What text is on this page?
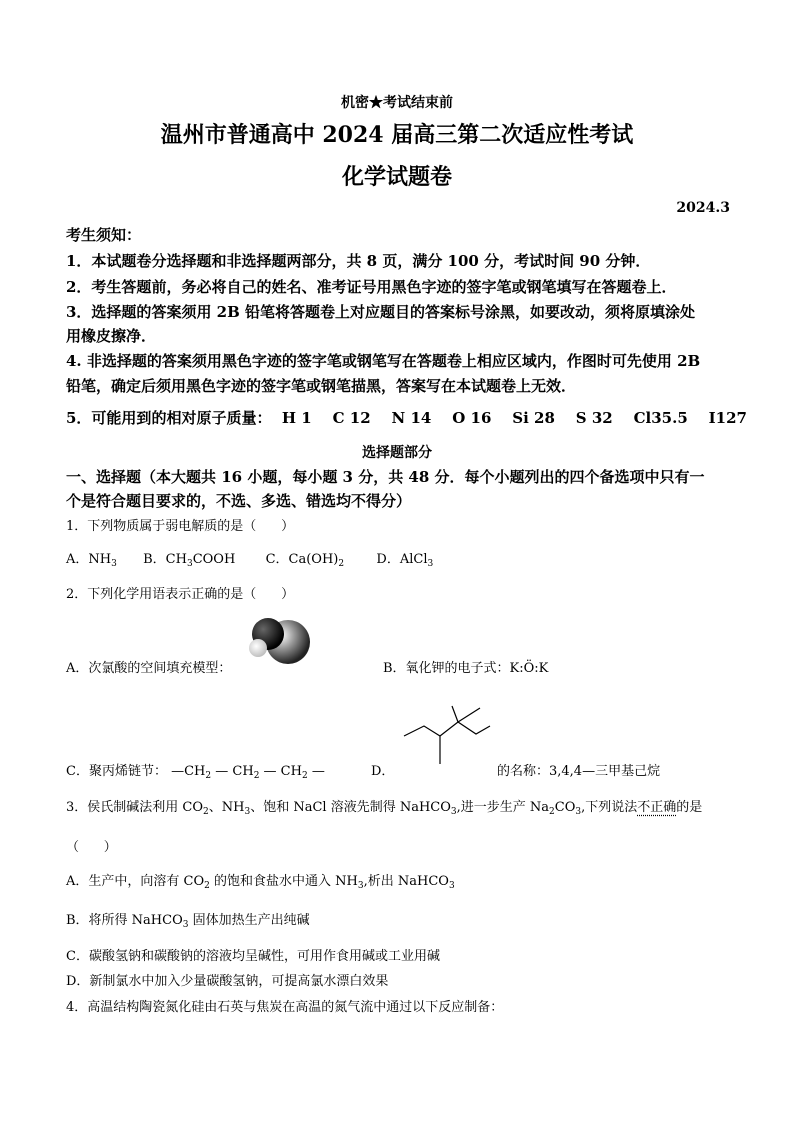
机密★考试结束前
温州市普通高中 2024 届高三第二次适应性考试
化学试题卷
2024.3
考生须知：
1．本试题卷分选择题和非选择题两部分，共 8 页，满分 100 分，考试时间 90 分钟．
2．考生答题前，务必将自己的姓名、准考证号用黑色字迹的签字笔或钢笔填写在答题卷上．
3．选择题的答案须用 2B 铅笔将答题卷上对应题目的答案标号涂黑，如要改动，须将原填涂处
用橡皮擦净．
4. 非选择题的答案须用黑色字迹的签字笔或钢笔写在答题卷上相应区域内，作图时可先使用 2B
铅笔，确定后须用黑色字迹的签字笔或钢笔描黑，答案写在本试题卷上无效．
5．可能用到的相对原子质量：  H 1    C 12    N 14    O 16    Si 28    S 32    Cl35.5    I127
选择题部分
一、选择题（本大题共 16 小题，每小题 3 分，共 48 分．每个小题列出的四个备选项中只有一
个是符合题目要求的，不选、多选、错选均不得分）
1．下列物质属于弱电解质的是（      ）
A．$NH_3$ B．$CH_3COOH$ C．$Ca(OH)_2$ D．AlCl$_3$
2．下列化学用语表示正确的是（      ）
A．次氯酸的空间填充模型：	B．氧化钾的电子式：K:Ö:K
C．聚丙烯链节： $—CH_2$ — $CH_2$ — $CH_2$ —	D．	的名称：3,4,4—三甲基己烷
3．侯氏制碱法利用 $CO_2$、$NH_3$、饱和 NaCl 溶液先制得 NaHCO$_3$,进一步生产 $Na_2CO_3$,下列说法不正确的是
（      ）
A．生产中，向溶有 $CO_2$ 的饱和食盐水中通入 $NH_3$,析出 NaHCO$_3$
B．将所得 NaHCO$_3$ 固体加热生产出纯碱
C．碳酸氢钠和碳酸钠的溶液均呈碱性，可用作食用碱或工业用碱
D．新制氯水中加入少量碳酸氢钠，可提高氯水漂白效果
4．高温结构陶瓷氮化硅由石英与焦炭在高温的氮气流中通过以下反应制备：
